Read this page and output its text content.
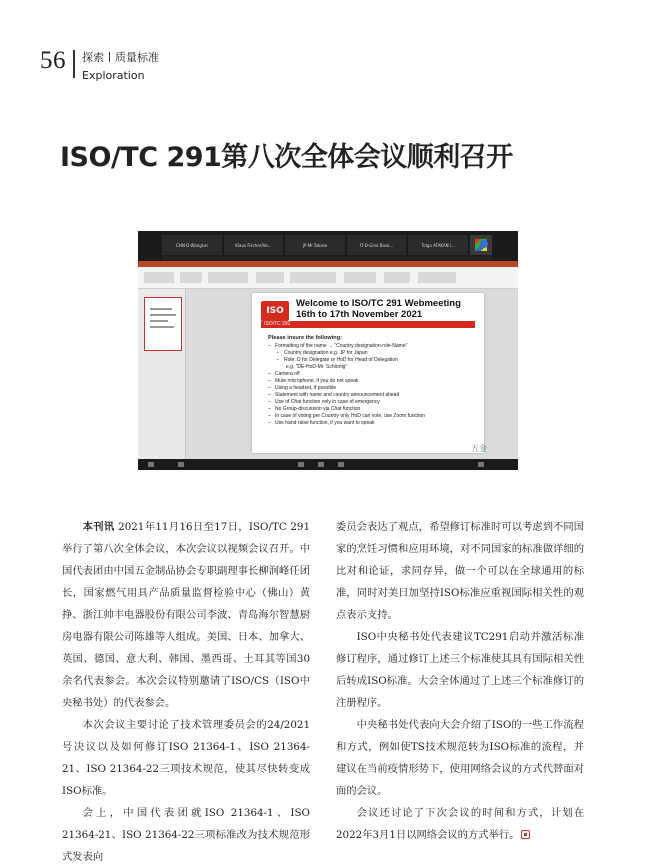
56 探索 质量标准
Exploration
ISO/TC 291第八次全体会议顺利召开
CHN-D-WangLei	Klaus Fischer/Ve...	JP-Mr.Takase	IT-D-Gino Baso...	Tolga ATAKAN i...
ISO
Welcome to ISO/TC 291 Webmeeting
16th to 17th November 2021
ISO/TC 291
Please insure the following:
– Formatting of the name → “Country designation-role-Name”
• Country designation e.g. JP for Japan
• Role: D for Delegate or HoD for Head of Delegation
e.g. “DE-HoD-Mr. Schömig”
– Camera off
– Mute microphone, if you do not speak
– Using a headset, if possible
– Statement with name and country announcement ahead
– Use of Chat function only in case of emergency
– No Group-discussion via Chat function
– In case of voting per Country only HoD can vote, use Zoom function
– Use hand raise function, if you want to speak
五金

本刊讯 2021年11月16日至17日，ISO/TC 291举行了第八次全体会议，本次会议以视频会议召开。中国代表团由中国五金制品协会专职副理事长柳润峰任团长，国家燃气用具产品质量监督检验中心（佛山）黄挣、浙江帅丰电器股份有限公司李波、青岛海尔智慧厨房电器有限公司陈雄等人组成。美国、日本、加拿大、英国、德国、意大利、韩国、墨西哥、土耳其等国30余名代表参会。本次会议特别邀请了ISO/CS（ISO中央秘书处）的代表参会。

本次会议主要讨论了技术管理委员会的24/2021号决议以及如何修订ISO 21364-1、ISO 21364-21、ISO 21364-22三项技术规范，使其尽快转变成ISO标准。

会上，中国代表团就ISO 21364-1、ISO 21364-21、ISO 21364-22三项标准改为技术规范形式发表向

委员会表达了观点，希望修订标准时可以考虑到不同国家的烹饪习惯和应用环境，对不同国家的标准做详细的比对和论证，求同存异，做一个可以在全球通用的标准，同时对美日加坚持ISO标准应重视国际相关性的观点表示支持。

ISO中央秘书处代表建议TC291启动并激活标准修订程序，通过修订上述三个标准使其具有国际相关性后转成ISO标准。大会全体通过了上述三个标准修订的注册程序。

中央秘书处代表向大会介绍了ISO的一些工作流程和方式，例如使TS技术规范转为ISO标准的流程，并建议在当前疫情形势下，使用网络会议的方式代替面对面的会议。

会议还讨论了下次会议的时间和方式，计划在2022年3月1日以网络会议的方式举行。
